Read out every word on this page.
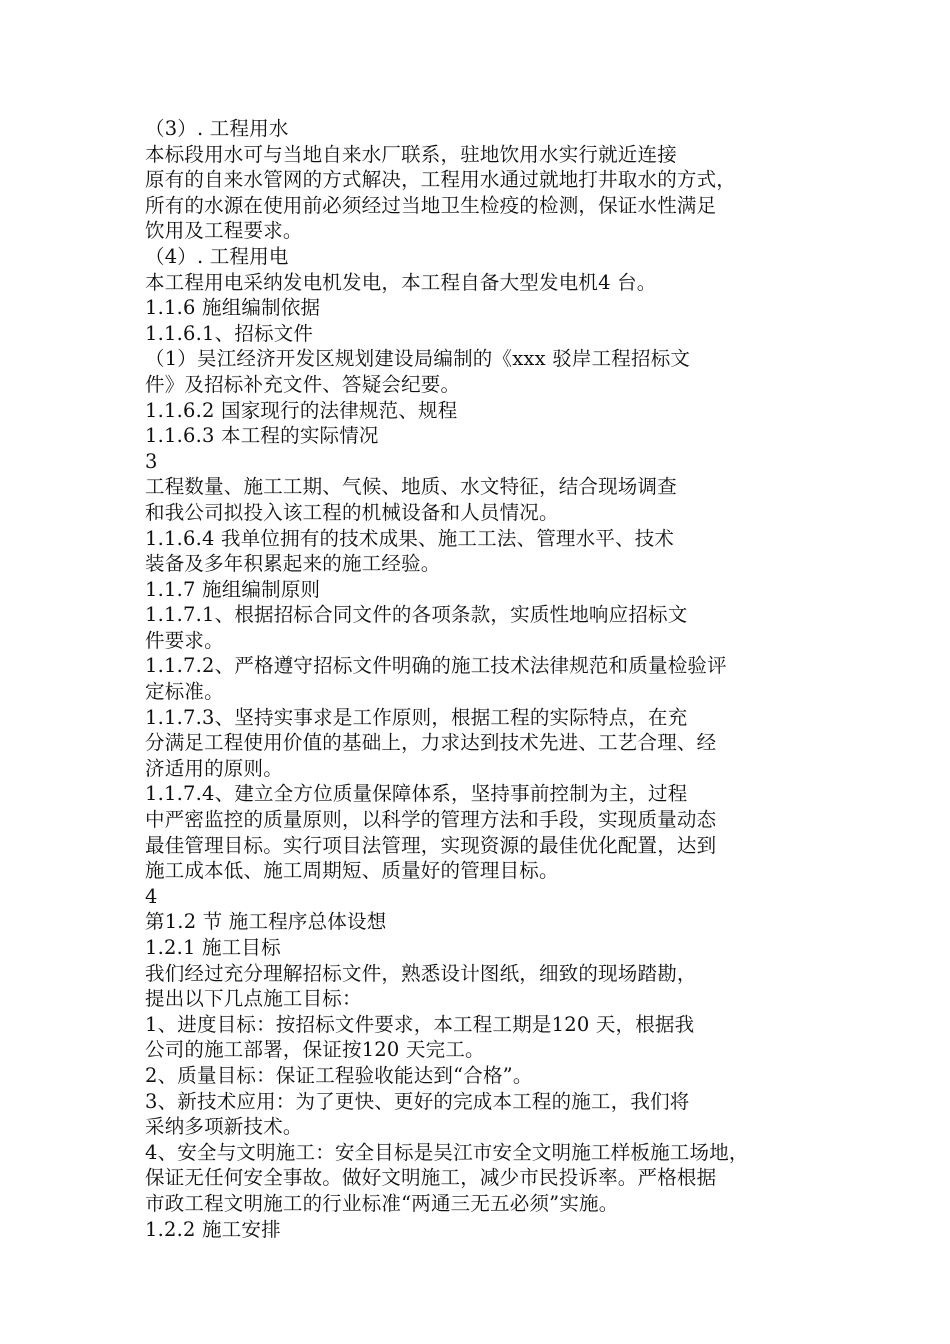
（3）. 工程用水
本标段用水可与当地自来水厂联系，驻地饮用水实行就近连接
原有的自来水管网的方式解决，工程用水通过就地打井取水的方式，
所有的水源在使用前必须经过当地卫生检疫的检测，保证水性满足
饮用及工程要求。
（4）. 工程用电
本工程用电采纳发电机发电，本工程自备大型发电机4 台。
1.1.6 施组编制依据
1.1.6.1、招标文件
（1）吴江经济开发区规划建设局编制的《xxx 驳岸工程招标文
件》及招标补充文件、答疑会纪要。
1.1.6.2 国家现行的法律规范、规程
1.1.6.3 本工程的实际情况
3
工程数量、施工工期、气候、地质、水文特征，结合现场调查
和我公司拟投入该工程的机械设备和人员情况。
1.1.6.4 我单位拥有的技术成果、施工工法、管理水平、技术
装备及多年积累起来的施工经验。
1.1.7 施组编制原则
1.1.7.1、根据招标合同文件的各项条款，实质性地响应招标文
件要求。
1.1.7.2、严格遵守招标文件明确的施工技术法律规范和质量检验评
定标准。
1.1.7.3、坚持实事求是工作原则，根据工程的实际特点，在充
分满足工程使用价值的基础上，力求达到技术先进、工艺合理、经
济适用的原则。
1.1.7.4、建立全方位质量保障体系，坚持事前控制为主，过程
中严密监控的质量原则，以科学的管理方法和手段，实现质量动态
最佳管理目标。实行项目法管理，实现资源的最佳优化配置，达到
施工成本低、施工周期短、质量好的管理目标。
4
第1.2 节 施工程序总体设想
1.2.1 施工目标
我们经过充分理解招标文件，熟悉设计图纸，细致的现场踏勘，
提出以下几点施工目标：
1、进度目标：按招标文件要求，本工程工期是120 天，根据我
公司的施工部署，保证按120 天完工。
2、质量目标：保证工程验收能达到“合格”。
3、新技术应用：为了更快、更好的完成本工程的施工，我们将
采纳多项新技术。
4、安全与文明施工：安全目标是吴江市安全文明施工样板施工场地，
保证无任何安全事故。做好文明施工，减少市民投诉率。严格根据
市政工程文明施工的行业标准“两通三无五必须”实施。
1.2.2 施工安排
